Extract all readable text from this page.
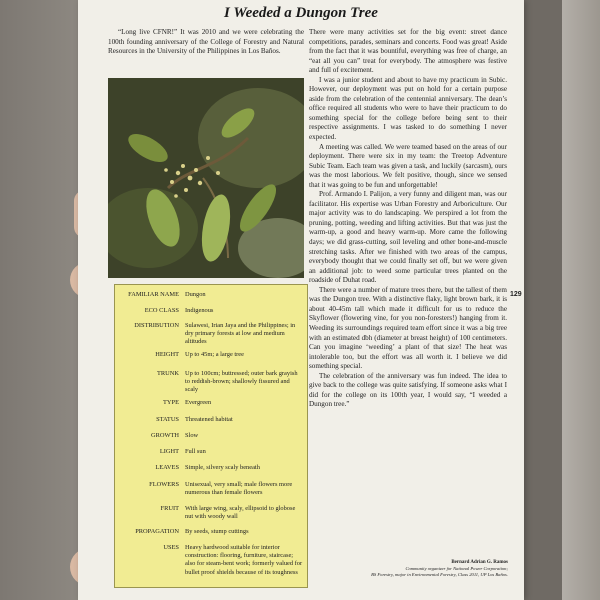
I Weeded a Dungon Tree

“Long live CFNR!” It was 2010 and we were celebrating the 100th founding anniversary of the College of Forestry and Natural Resources in the University of the Philippines in Los Baños.

FAMILIAR NAME Dungon
ECO CLASS Indigenous
DISTRIBUTION Sulawesi, Irian Jaya and the Philippines; in dry primary forests at low and medium altitudes
HEIGHT Up to 45m; a large tree
TRUNK Up to 100cm; buttressed; outer bark grayish to reddish-brown; shallowly fissured and scaly
TYPE Evergreen
STATUS Threatened habitat
GROWTH Slow
LIGHT Full sun
LEAVES Simple, silvery scaly beneath
FLOWERS Unisexual, very small; male flowers more numerous than female flowers
FRUIT With large wing, scaly, ellipsoid to globose nut with woody wall
PROPAGATION By seeds, stump cuttings
USES Heavy hardwood suitable for interior construction: flooring, furniture, staircase; also for steam-bent work; formerly valued for bullet proof shields because of its toughness

There were many activities set for the big event: street dance competitions, parades, seminars and concerts. Food was great! Aside from the fact that it was bountiful, everything was free of charge, an “eat all you can” treat for everybody. The atmosphere was festive and full of excitement.

I was a junior student and about to have my practicum in Subic. However, our deployment was put on hold for a certain purpose aside from the celebration of the centennial anniversary. The dean’s office required all students who were to have their practicum to do something special for the college before being sent to their respective assignments. I was tasked to do something I never expected.

A meeting was called. We were teamed based on the areas of our deployment. There were six in my team: the Treetop Adventure Subic Team. Each team was given a task, and luckily (sarcasm), ours was the most laborious. We felt positive, though, since we sensed that it was going to be fun and unforgettable!

Prof. Armando I. Palijon, a very funny and diligent man, was our facilitator. His expertise was Urban Forestry and Arboriculture. Our major activity was to do landscaping. We perspired a lot from the pruning, potting, weeding and lifting activities. But that was just the warm-up, a good and heavy warm-up. More came the following days; we did grass-cutting, soil leveling and other bone-and-muscle stretching tasks. After we finished with two areas of the campus, everybody thought that we could finally set off, but we were given an additional job: to weed some particular trees planted on the roadside of Duhat road.

There were a number of mature trees there, but the tallest of them was the Dungon tree. With a distinctive flaky, light brown bark, it is about 40-45m tall which made it difficult for us to reduce the Skyflower (flowering vine, for you non-foresters!) hanging from it. Weeding its surroundings required team effort since it was a big tree with an estimated dbh (diameter at breast height) of 100 centimeters. Can you imagine ‘weeding’ a plant of that size! The heat was intolerable too, but the effort was all worth it. I believe we did something special.

The celebration of the anniversary was fun indeed. The idea to give back to the college was quite satisfying. If someone asks what I did for the college on its 100th year, I would say, “I weeded a Dungon tree.”

129
Bernard Adrian G. Ramos
Community organizer for National Power Corporation;
BS Forestry, major in Environmental Forestry, Class 2011, UP Los Baños.
